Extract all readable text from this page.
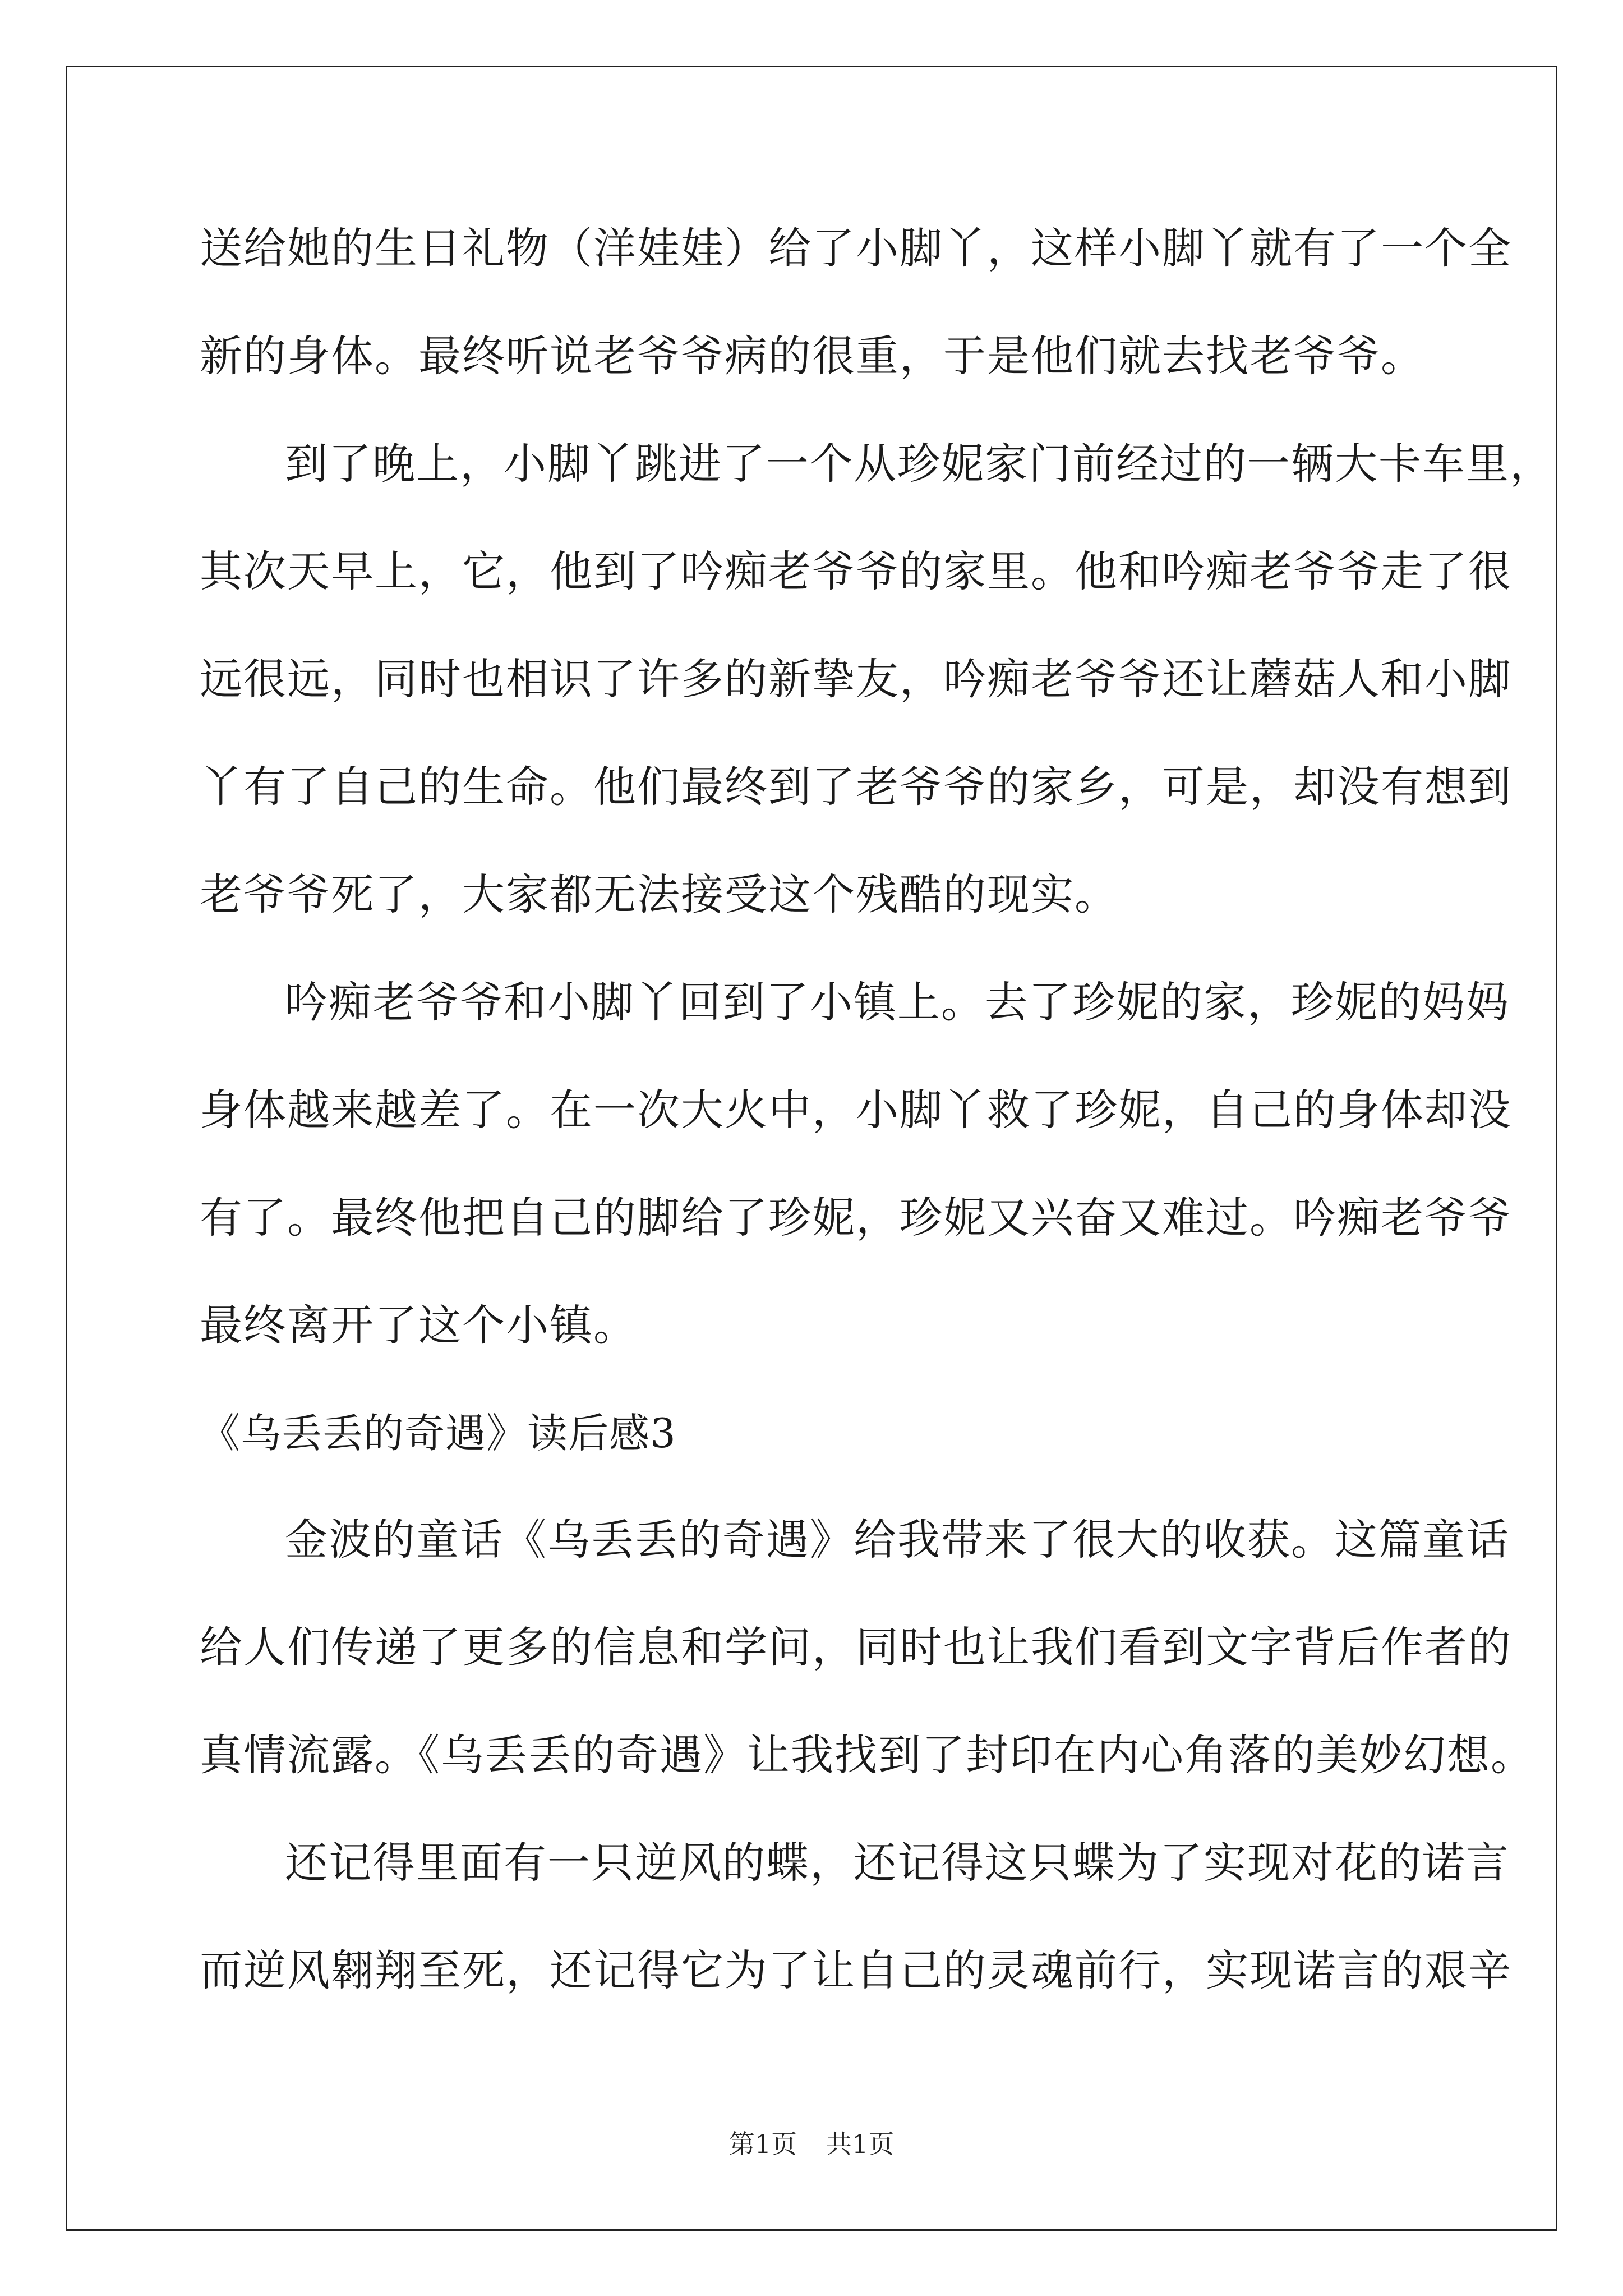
送给她的生日礼物（洋娃娃）给了小脚丫，这样小脚丫就有了一个全
新的身体。最终听说老爷爷病的很重，于是他们就去找老爷爷。
到了晚上，小脚丫跳进了一个从珍妮家门前经过的一辆大卡车里，
其次天早上，它，他到了吟痴老爷爷的家里。他和吟痴老爷爷走了很
远很远，同时也相识了许多的新挚友，吟痴老爷爷还让蘑菇人和小脚
丫有了自己的生命。他们最终到了老爷爷的家乡，可是，却没有想到
老爷爷死了，大家都无法接受这个残酷的现实。
吟痴老爷爷和小脚丫回到了小镇上。去了珍妮的家，珍妮的妈妈
身体越来越差了。在一次大火中，小脚丫救了珍妮，自己的身体却没
有了。最终他把自己的脚给了珍妮，珍妮又兴奋又难过。吟痴老爷爷
最终离开了这个小镇。
《乌丢丢的奇遇》读后感3
金波的童话《乌丢丢的奇遇》给我带来了很大的收获。这篇童话
给人们传递了更多的信息和学问，同时也让我们看到文字背后作者的
真情流露。《乌丢丢的奇遇》让我找到了封印在内心角落的美妙幻想。
还记得里面有一只逆风的蝶，还记得这只蝶为了实现对花的诺言
而逆风翱翔至死，还记得它为了让自己的灵魂前行，实现诺言的艰辛
第1页 共1页
